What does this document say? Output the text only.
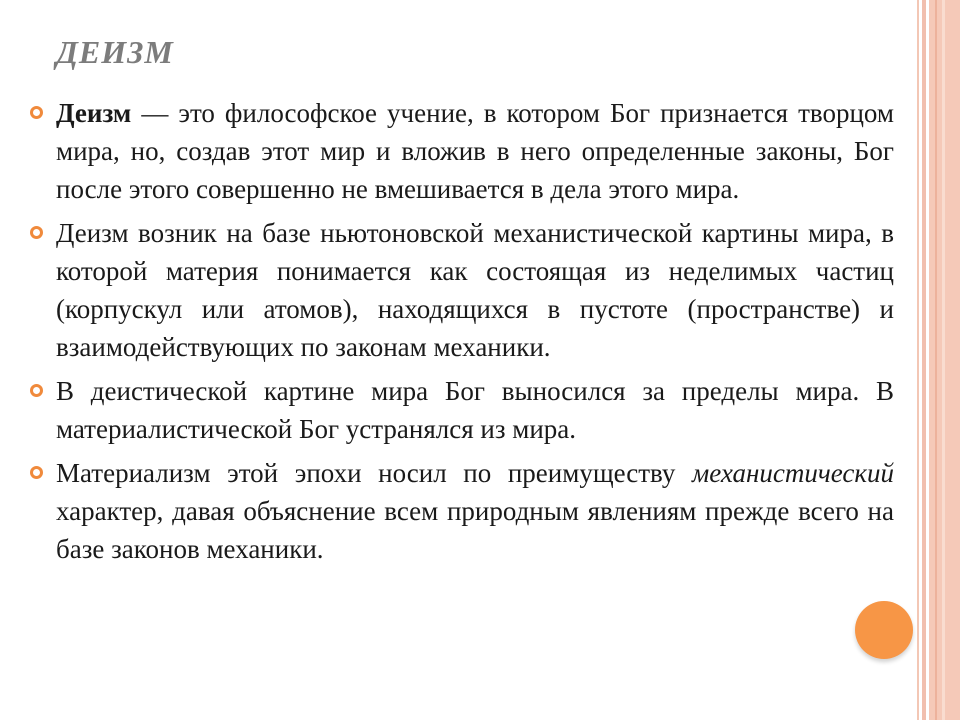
ДЕИЗМ
Деизм — это философское учение, в котором Бог признается творцом мира, но, создав этот мир и вложив в него определенные законы, Бог после этого совершенно не вмешивается в дела этого мира.
Деизм возник на базе ньютоновской механистической картины мира, в которой материя понимается как состоящая из неделимых частиц (корпускул или атомов), находящихся в пустоте (пространстве) и взаимодействующих по законам механики.
В деистической картине мира Бог выносился за пределы мира. В материалистической Бог устранялся из мира.
Материализм этой эпохи носил по преимуществу механистический характер, давая объяснение всем природным явлениям прежде всего на базе законов механики.
